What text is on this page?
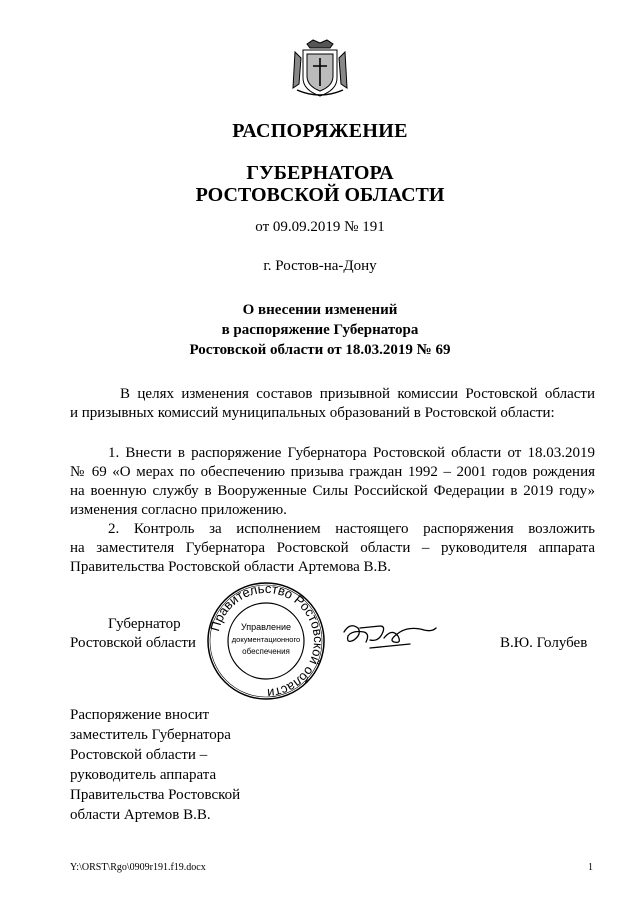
РАСПОРЯЖЕНИЕ
ГУБЕРНАТОРА
РОСТОВСКОЙ ОБЛАСТИ
от 09.09.2019 № 191
г. Ростов-на-Дону
О внесении изменений
в распоряжение Губернатора
Ростовской области от 18.03.2019 № 69
В целях изменения составов призывной комиссии Ростовской области
и призывных комиссий муниципальных образований в Ростовской области:
1. Внести в распоряжение Губернатора Ростовской области от 18.03.2019
№ 69 «О мерах по обеспечению призыва граждан 1992 – 2001 годов рождения
на военную службу в Вооруженные Силы Российской Федерации в 2019 году»
изменения согласно приложению.
2. Контроль за исполнением настоящего распоряжения возложить
на заместителя Губернатора Ростовской области – руководителя аппарата
Правительства Ростовской области Артемова В.В.
Губернатор
Ростовской области
Правительство Ростовской области
Управление
документационного
обеспечения
В.Ю. Голубев
Распоряжение вносит
заместитель Губернатора
Ростовской области –
руководитель аппарата
Правительства Ростовской
области Артемов В.В.
Y:\ORST\Rgo\0909r191.f19.docx	1
